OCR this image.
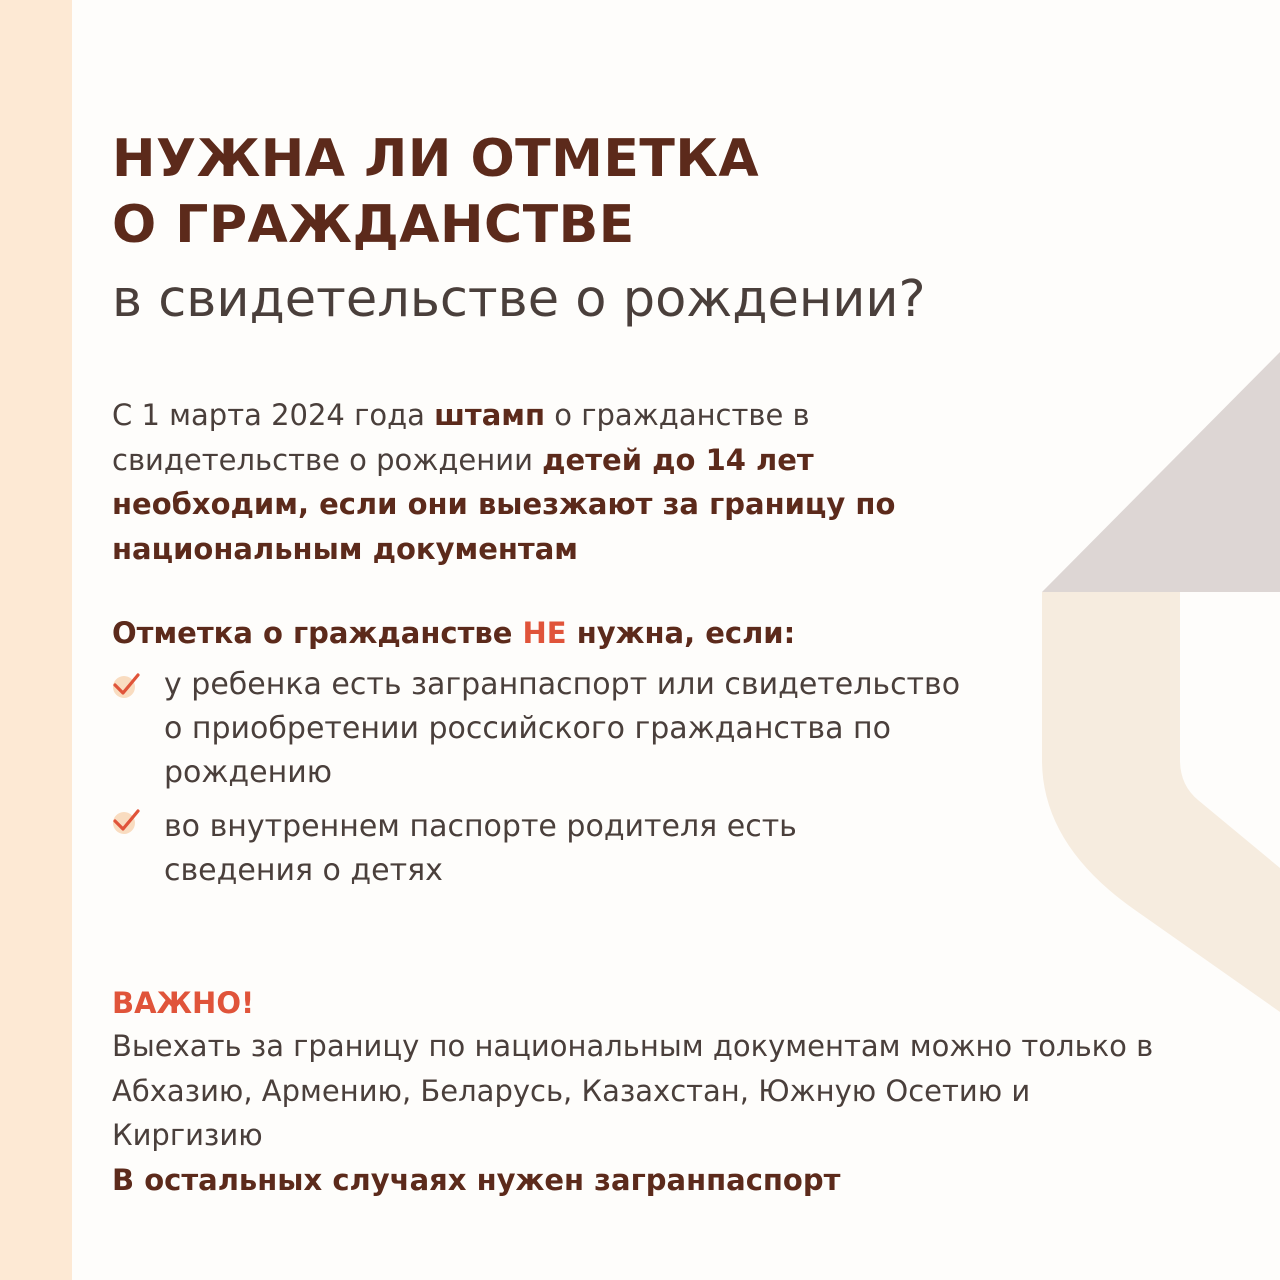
НУЖНА ЛИ ОТМЕТКА
О ГРАЖДАНСТВЕ
в свидетельстве о рождении?

С 1 марта 2024 года штамп о гражданстве в свидетельстве о рождении детей до 14 лет необходим, если они выезжают за границу по национальным документам

Отметка о гражданстве НЕ нужна, если:

у ребенка есть загранпаспорт или свидетельство о приобретении российского гражданства по рождению

во внутреннем паспорте родителя есть сведения о детях

ВАЖНО!

Выехать за границу по национальным документам можно только в Абхазию, Армению, Беларусь, Казахстан, Южную Осетию и Киргизию

В остальных случаях нужен загранпаспорт
